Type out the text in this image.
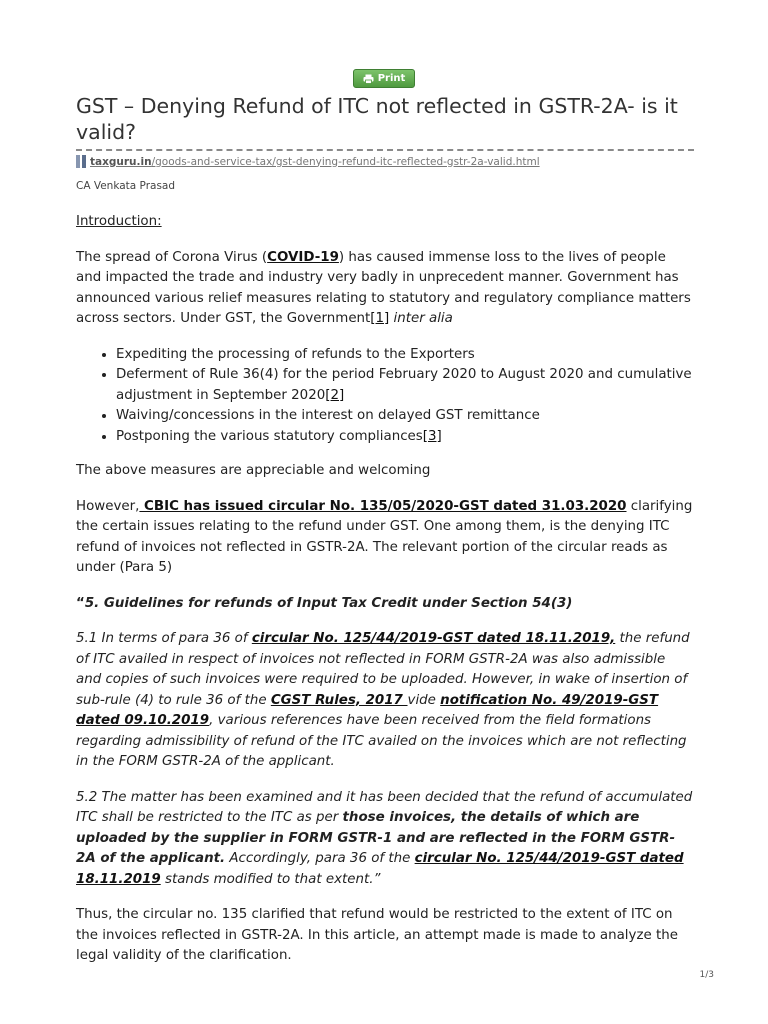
Print
GST – Denying Refund of ITC not reflected in GSTR-2A- is it valid?
taxguru.in/goods-and-service-tax/gst-denying-refund-itc-reflected-gstr-2a-valid.html
CA Venkata Prasad

Introduction:

The spread of Corona Virus (COVID-19) has caused immense loss to the lives of people and impacted the trade and industry very badly in unprecedent manner. Government has announced various relief measures relating to statutory and regulatory compliance matters across sectors. Under GST, the Government[1] inter alia

• Expediting the processing of refunds to the Exporters
• Deferment of Rule 36(4) for the period February 2020 to August 2020 and cumulative adjustment in September 2020[2]
• Waiving/concessions in the interest on delayed GST remittance
• Postponing the various statutory compliances[3]

The above measures are appreciable and welcoming

However, CBIC has issued circular No. 135/05/2020-GST dated 31.03.2020 clarifying the certain issues relating to the refund under GST. One among them, is the denying ITC refund of invoices not reflected in GSTR-2A. The relevant portion of the circular reads as under (Para 5)

“5. Guidelines for refunds of Input Tax Credit under Section 54(3)

5.1 In terms of para 36 of circular No. 125/44/2019-GST dated 18.11.2019, the refund of ITC availed in respect of invoices not reflected in FORM GSTR-2A was also admissible and copies of such invoices were required to be uploaded. However, in wake of insertion of sub-rule (4) to rule 36 of the CGST Rules, 2017 vide notification No. 49/2019-GST dated 09.10.2019, various references have been received from the field formations regarding admissibility of refund of the ITC availed on the invoices which are not reflecting in the FORM GSTR-2A of the applicant.

5.2 The matter has been examined and it has been decided that the refund of accumulated ITC shall be restricted to the ITC as per those invoices, the details of which are uploaded by the supplier in FORM GSTR-1 and are reflected in the FORM GSTR-2A of the applicant. Accordingly, para 36 of the circular No. 125/44/2019-GST dated 18.11.2019 stands modified to that extent.”

Thus, the circular no. 135 clarified that refund would be restricted to the extent of ITC on the invoices reflected in GSTR-2A. In this article, an attempt made is made to analyze the legal validity of the clarification.

1/3
